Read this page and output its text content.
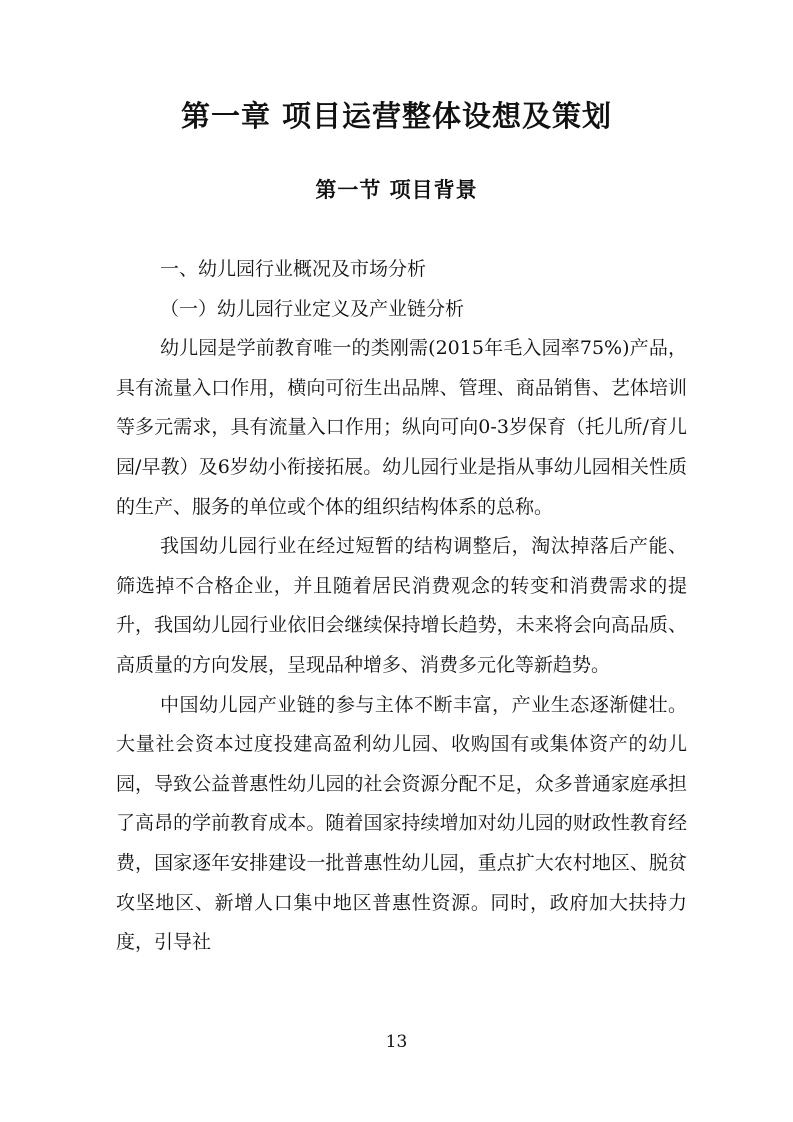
第一章 项目运营整体设想及策划
第一节 项目背景

一、幼儿园行业概况及市场分析

（一）幼儿园行业定义及产业链分析

幼儿园是学前教育唯一的类刚需(2015年毛入园率75%)产品，具有流量入口作用，横向可衍生出品牌、管理、商品销售、艺体培训等多元需求，具有流量入口作用；纵向可向0-3岁保育（托儿所/育儿园/早教）及6岁幼小衔接拓展。幼儿园行业是指从事幼儿园相关性质的生产、服务的单位或个体的组织结构体系的总称。

我国幼儿园行业在经过短暂的结构调整后，淘汰掉落后产能、筛选掉不合格企业，并且随着居民消费观念的转变和消费需求的提升，我国幼儿园行业依旧会继续保持增长趋势，未来将会向高品质、高质量的方向发展，呈现品种增多、消费多元化等新趋势。

中国幼儿园产业链的参与主体不断丰富，产业生态逐渐健壮。大量社会资本过度投建高盈利幼儿园、收购国有或集体资产的幼儿园，导致公益普惠性幼儿园的社会资源分配不足，众多普通家庭承担了高昂的学前教育成本。随着国家持续增加对幼儿园的财政性教育经费，国家逐年安排建设一批普惠性幼儿园，重点扩大农村地区、脱贫攻坚地区、新增人口集中地区普惠性资源。同时，政府加大扶持力度，引导社

13
